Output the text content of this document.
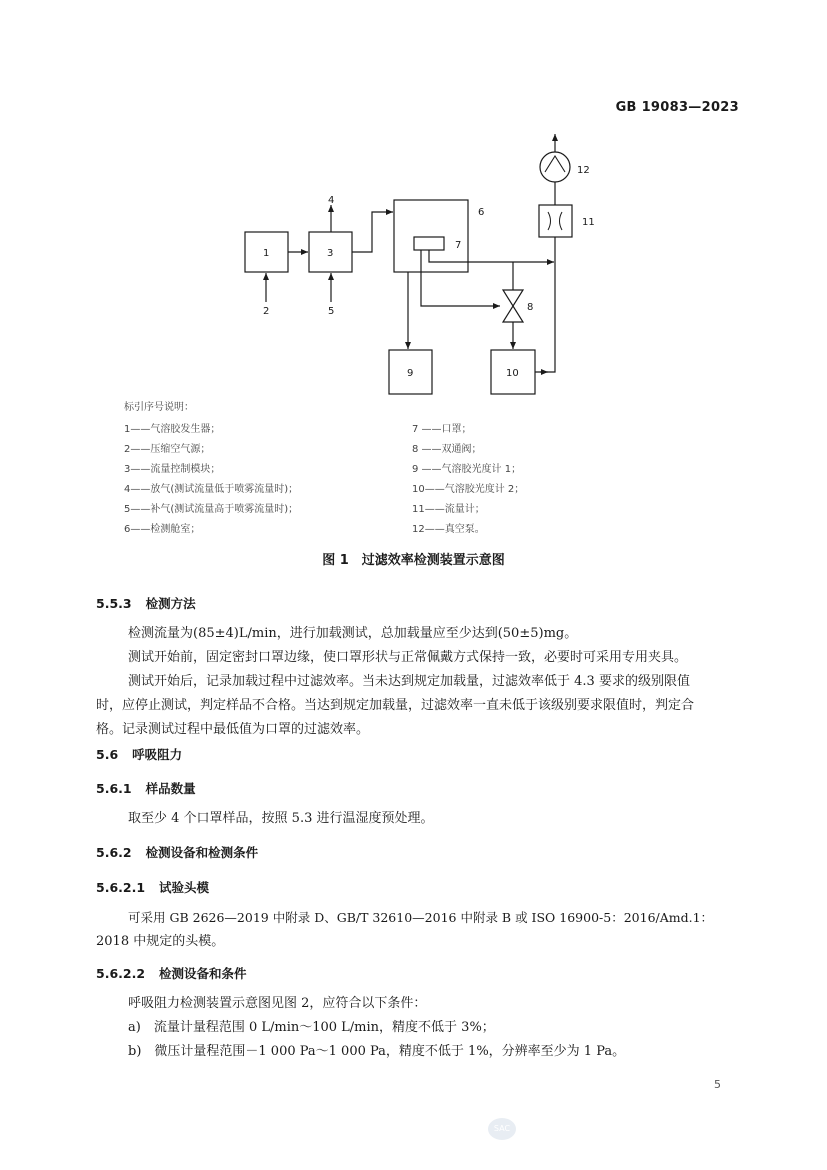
GB 19083—2023
1	3
6
7
9	10
11
12
2
4
5	8
标引序号说明：
1——气溶胶发生器；
2——压缩空气源；
3——流量控制模块；
4——放气(测试流量低于喷雾流量时)；
5——补气(测试流量高于喷雾流量时)；
6——检测舱室；
7 ——口罩；
8 ——双通阀；
9 ——气溶胶光度计 1；
10——气溶胶光度计 2；
11——流量计；
12——真空泵。
图 1　过滤效率检测装置示意图
5.5.3 检测方法
检测流量为(85±4)L/min，进行加载测试，总加载量应至少达到(50±5)mg。
测试开始前，固定密封口罩边缘，使口罩形状与正常佩戴方式保持一致，必要时可采用专用夹具。
测试开始后，记录加载过程中过滤效率。当未达到规定加载量，过滤效率低于 4.3 要求的级别限值
时，应停止测试，判定样品不合格。当达到规定加载量，过滤效率一直未低于该级别要求限值时，判定合
格。记录测试过程中最低值为口罩的过滤效率。
5.6 呼吸阻力
5.6.1 样品数量
取至少 4 个口罩样品，按照 5.3 进行温湿度预处理。
5.6.2 检测设备和检测条件
5.6.2.1 试验头模
可采用 GB 2626—2019 中附录 D、GB/T 32610—2016 中附录 B 或 ISO 16900-5：2016/Amd.1：
2018 中规定的头模。
5.6.2.2 检测设备和条件
呼吸阻力检测装置示意图见图 2，应符合以下条件：
a)　流量计量程范围 0 L/min～100 L/min，精度不低于 3%；
b)　微压计量程范围－1 000 Pa～1 000 Pa，精度不低于 1%，分辨率至少为 1 Pa。
5
SAC
